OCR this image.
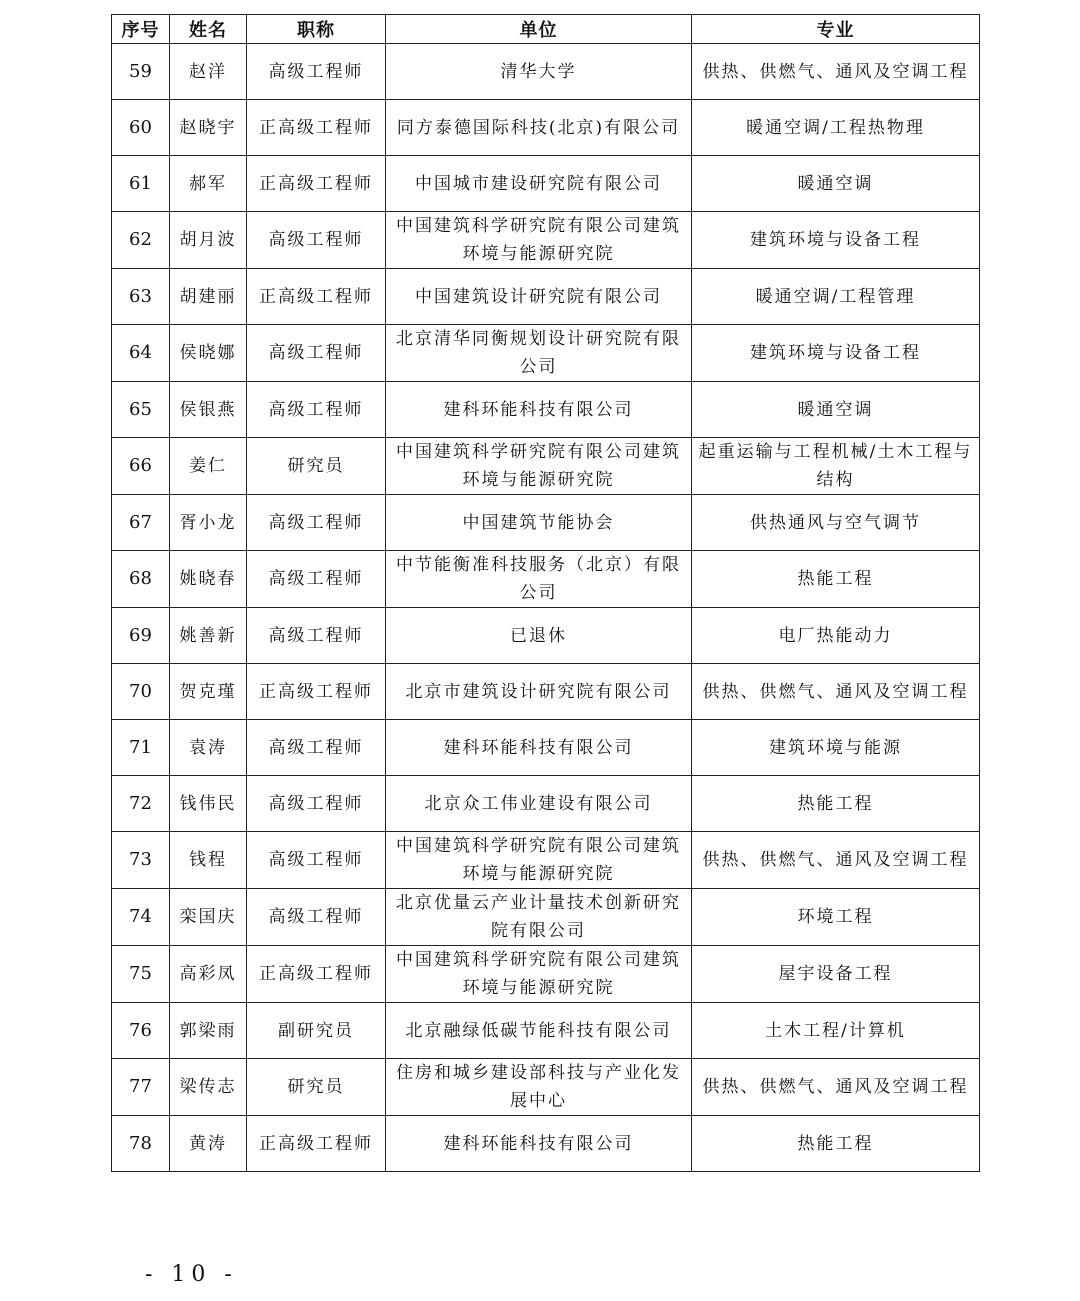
序号	姓名	职称	单位	专业
59	赵洋	高级工程师	清华大学	供热、供燃气、通风及空调工程
60	赵晓宇	正高级工程师	同方泰德国际科技(北京)有限公司	暖通空调/工程热物理
61	郝军	正高级工程师	中国城市建设研究院有限公司	暖通空调
62	胡月波	高级工程师	中国建筑科学研究院有限公司建筑环境与能源研究院	建筑环境与设备工程
63	胡建丽	正高级工程师	中国建筑设计研究院有限公司	暖通空调/工程管理
64	侯晓娜	高级工程师	北京清华同衡规划设计研究院有限公司	建筑环境与设备工程
65	侯银燕	高级工程师	建科环能科技有限公司	暖通空调
66	姜仁	研究员	中国建筑科学研究院有限公司建筑环境与能源研究院	起重运输与工程机械/土木工程与结构
67	胥小龙	高级工程师	中国建筑节能协会	供热通风与空气调节
68	姚晓春	高级工程师	中节能衡准科技服务（北京）有限公司	热能工程
69	姚善新	高级工程师	已退休	电厂热能动力
70	贺克瑾	正高级工程师	北京市建筑设计研究院有限公司	供热、供燃气、通风及空调工程
71	袁涛	高级工程师	建科环能科技有限公司	建筑环境与能源
72	钱伟民	高级工程师	北京众工伟业建设有限公司	热能工程
73	钱程	高级工程师	中国建筑科学研究院有限公司建筑环境与能源研究院	供热、供燃气、通风及空调工程
74	栾国庆	高级工程师	北京优量云产业计量技术创新研究院有限公司	环境工程
75	高彩凤	正高级工程师	中国建筑科学研究院有限公司建筑环境与能源研究院	屋宇设备工程
76	郭梁雨	副研究员	北京融绿低碳节能科技有限公司	土木工程/计算机
77	梁传志	研究员	住房和城乡建设部科技与产业化发展中心	供热、供燃气、通风及空调工程
78	黄涛	正高级工程师	建科环能科技有限公司	热能工程
- 10 -
